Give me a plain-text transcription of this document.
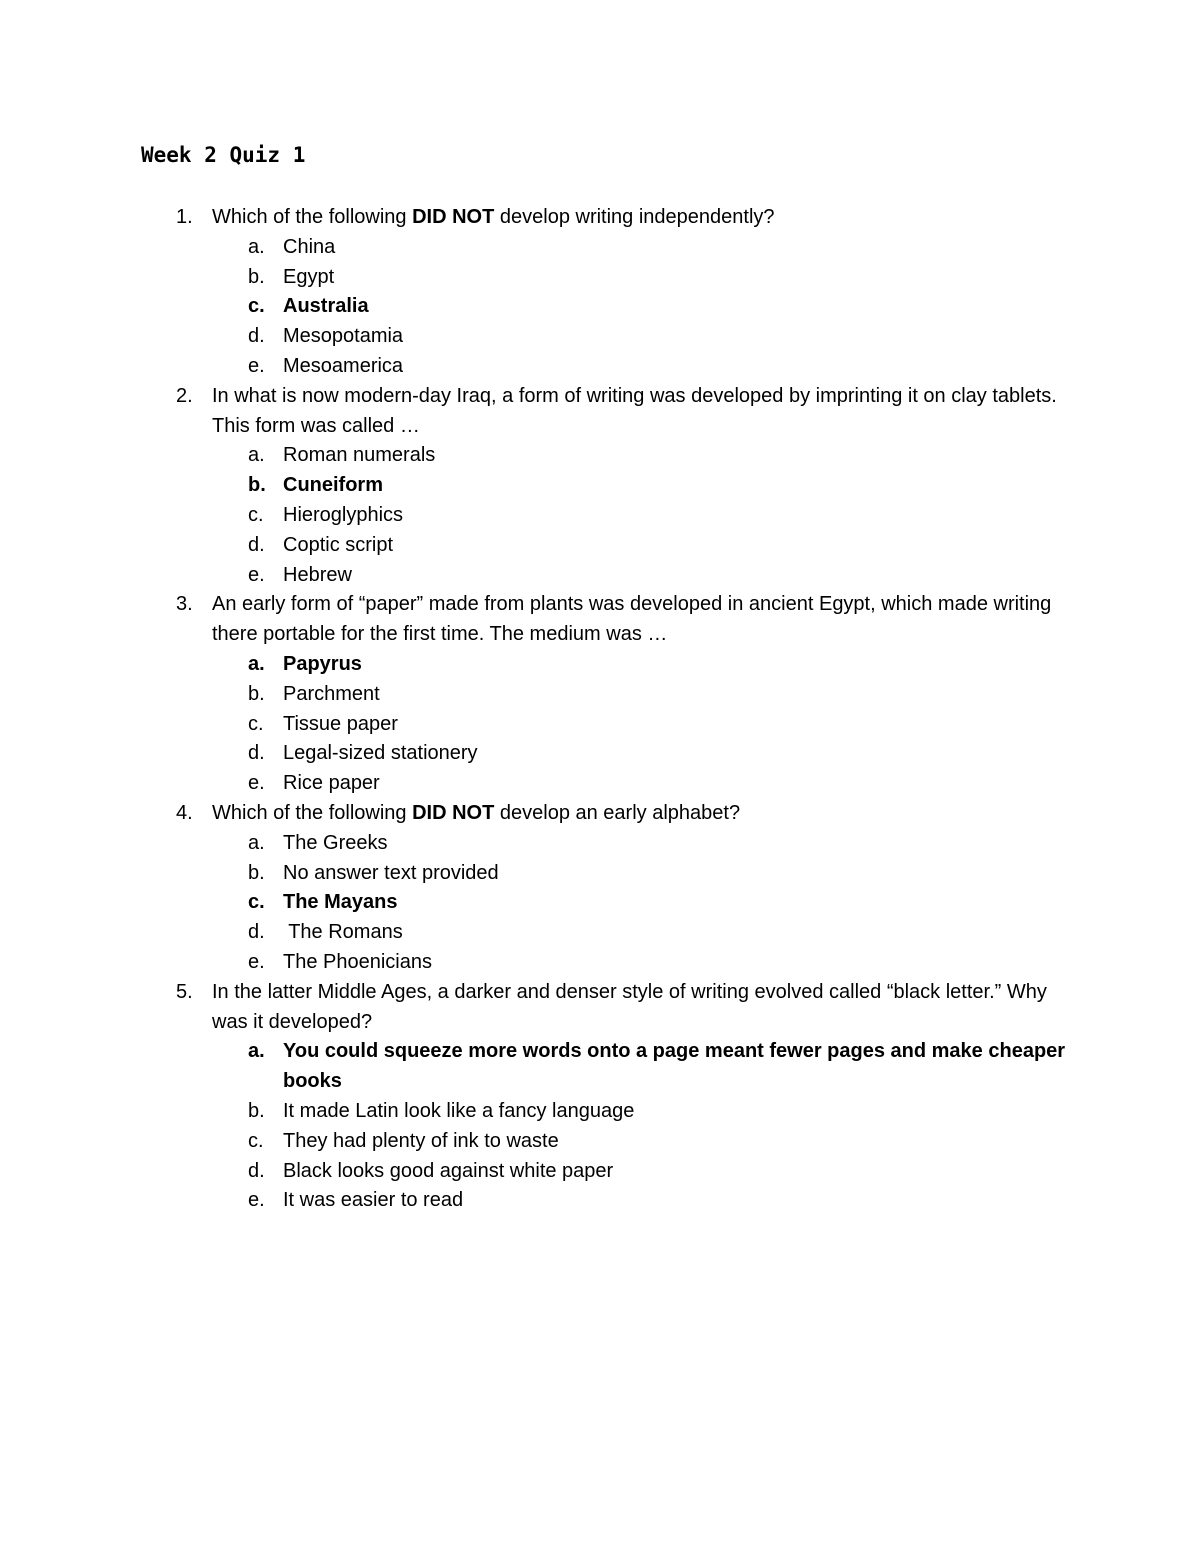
Week 2 Quiz 1
1. Which of the following DID NOT develop writing independently?
a. China
b. Egypt
c. Australia
d. Mesopotamia
e. Mesoamerica
2. In what is now modern-day Iraq, a form of writing was developed by imprinting it on clay tablets. This form was called …
a. Roman numerals
b. Cuneiform
c. Hieroglyphics
d. Coptic script
e. Hebrew
3. An early form of “paper” made from plants was developed in ancient Egypt, which made writing there portable for the first time. The medium was …
a. Papyrus
b. Parchment
c. Tissue paper
d. Legal-sized stationery
e. Rice paper
4. Which of the following DID NOT develop an early alphabet?
a. The Greeks
b. No answer text provided
c. The Mayans
d. The Romans
e. The Phoenicians
5. In the latter Middle Ages, a darker and denser style of writing evolved called “black letter.” Why was it developed?
a. You could squeeze more words onto a page meant fewer pages and make cheaper books
b. It made Latin look like a fancy language
c. They had plenty of ink to waste
d. Black looks good against white paper
e. It was easier to read
